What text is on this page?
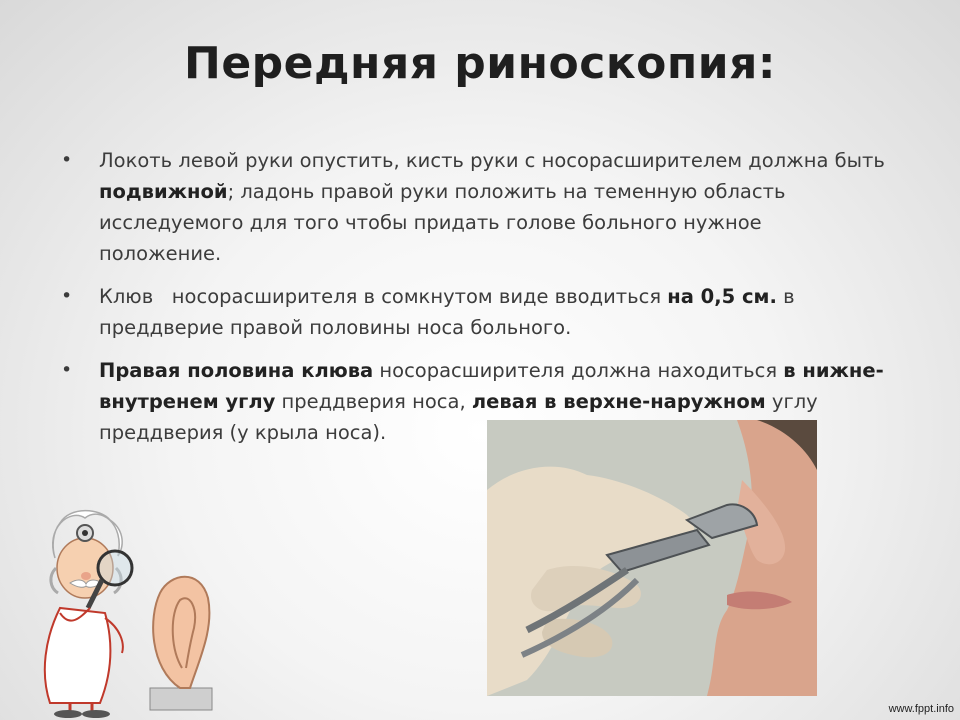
Передняя риноскопия:
• Локоть левой руки опустить, кисть руки с носорасширителем должна быть подвижной; ладонь правой руки положить на теменную область исследуемого для того чтобы придать голове больного нужное положение.
• Клюв   носорасширителя в сомкнутом виде вводиться на 0,5 см. в преддверие правой половины носа больного.
• Правая половина клюва носорасширителя должна находиться в нижне-внутренем углу преддверия носа, левая в верхне-наружном углу преддверия (у крыла носа).
www.fppt.info
